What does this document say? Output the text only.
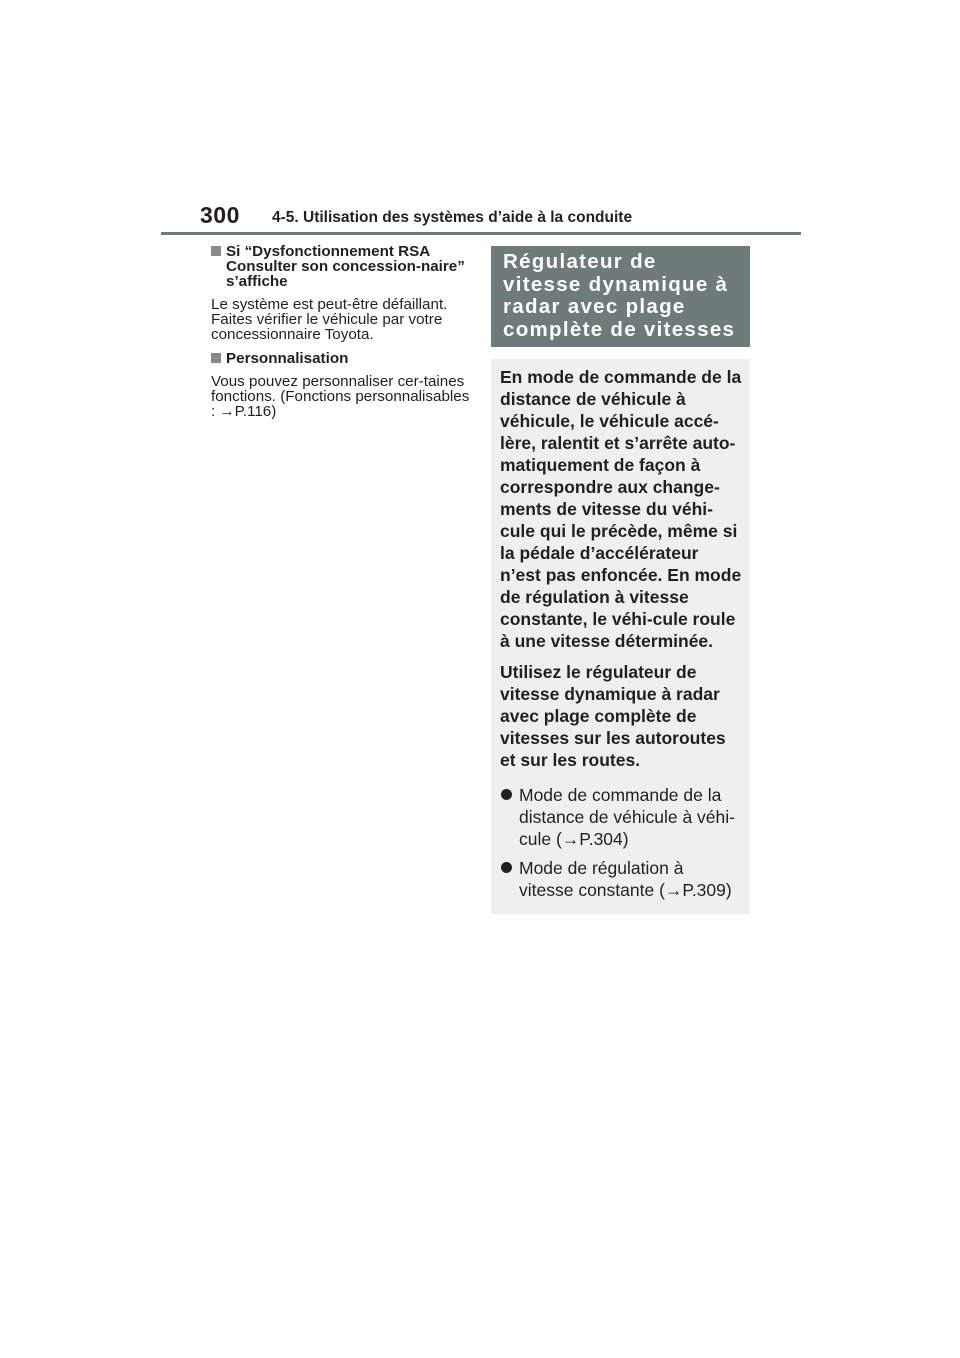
300 4-5. Utilisation des systèmes d’aide à la conduite
Si “Dysfonctionnement RSA Consulter son concession-naire” s’affiche

Le système est peut-être défaillant. Faites vérifier le véhicule par votre concessionnaire Toyota.

Personnalisation

Vous pouvez personnaliser cer-taines fonctions. (Fonctions personnalisables : →P.116)

Régulateur de vitesse dynamique à radar avec plage complète de vitesses

En mode de commande de la distance de véhicule à véhicule, le véhicule accé-lère, ralentit et s’arrête auto-matiquement de façon à correspondre aux change-ments de vitesse du véhi-cule qui le précède, même si la pédale d’accélérateur n’est pas enfoncée. En mode de régulation à vitesse constante, le véhi-cule roule à une vitesse déterminée.

Utilisez le régulateur de vitesse dynamique à radar avec plage complète de vitesses sur les autoroutes et sur les routes.

Mode de commande de la distance de véhicule à véhi-cule (→P.304)
Mode de régulation à vitesse constante (→P.309)
